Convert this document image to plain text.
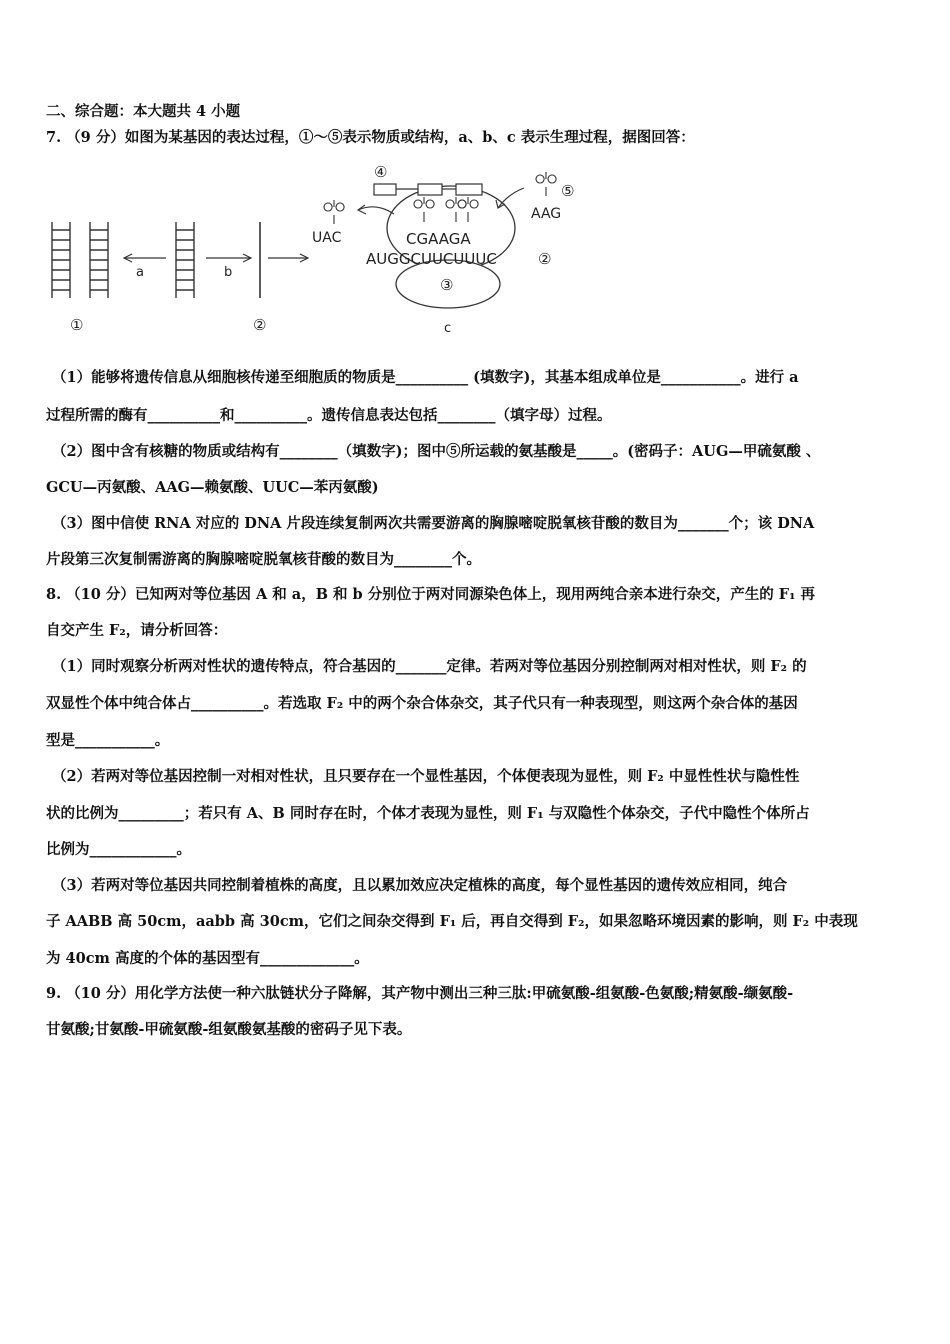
二、综合题：本大题共 4 小题
7. （9 分）如图为某基因的表达过程，①～⑤表示物质或结构，a、b、c 表示生理过程，据图回答：
①
a	b
②
③
c
④
UAC
⑤
AAG
CGAAGA
AUGGCUUCUUUC	②
（1）能够将遗传信息从细胞核传递至细胞质的物质是__________ (填数字)，其基本组成单位是___________。进行 a
过程所需的酶有__________和__________。遗传信息表达包括________（填字母）过程。
（2）图中含有核糖的物质或结构有________（填数字)；图中⑤所运载的氨基酸是_____。(密码子：AUG—甲硫氨酸 、
GCU—丙氨酸、AAG—赖氨酸、UUC—苯丙氨酸)
（3）图中信使 RNA 对应的 DNA 片段连续复制两次共需要游离的胸腺嘧啶脱氧核苷酸的数目为_______个；该 DNA
片段第三次复制需游离的胸腺嘧啶脱氧核苷酸的数目为________个。
8. （10 分）已知两对等位基因 A 和 a，B 和 b 分别位于两对同源染色体上，现用两纯合亲本进行杂交，产生的 F₁ 再
自交产生 F₂，请分析回答：
（1）同时观察分析两对性状的遗传特点，符合基因的_______定律。若两对等位基因分别控制两对相对性状，则 F₂ 的
双显性个体中纯合体占__________。若选取 F₂ 中的两个杂合体杂交，其子代只有一种表现型，则这两个杂合体的基因
型是___________。
（2）若两对等位基因控制一对相对性状，且只要存在一个显性基因，个体便表现为显性，则 F₂ 中显性性状与隐性性
状的比例为_________；若只有 A、B 同时存在时，个体才表现为显性，则 F₁ 与双隐性个体杂交，子代中隐性个体所占
比例为____________。
（3）若两对等位基因共同控制着植株的高度，且以累加效应决定植株的高度，每个显性基因的遗传效应相同，纯合
子 AABB 高 50cm，aabb 高 30cm，它们之间杂交得到 F₁ 后，再自交得到 F₂，如果忽略环境因素的影响，则 F₂ 中表现
为 40cm 高度的个体的基因型有_____________。
9. （10 分）用化学方法使一种六肽链状分子降解，其产物中测出三种三肽:甲硫氨酸-组氨酸-色氨酸;精氨酸-缬氨酸-
甘氨酸;甘氨酸-甲硫氨酸-组氨酸氨基酸的密码子见下表。
